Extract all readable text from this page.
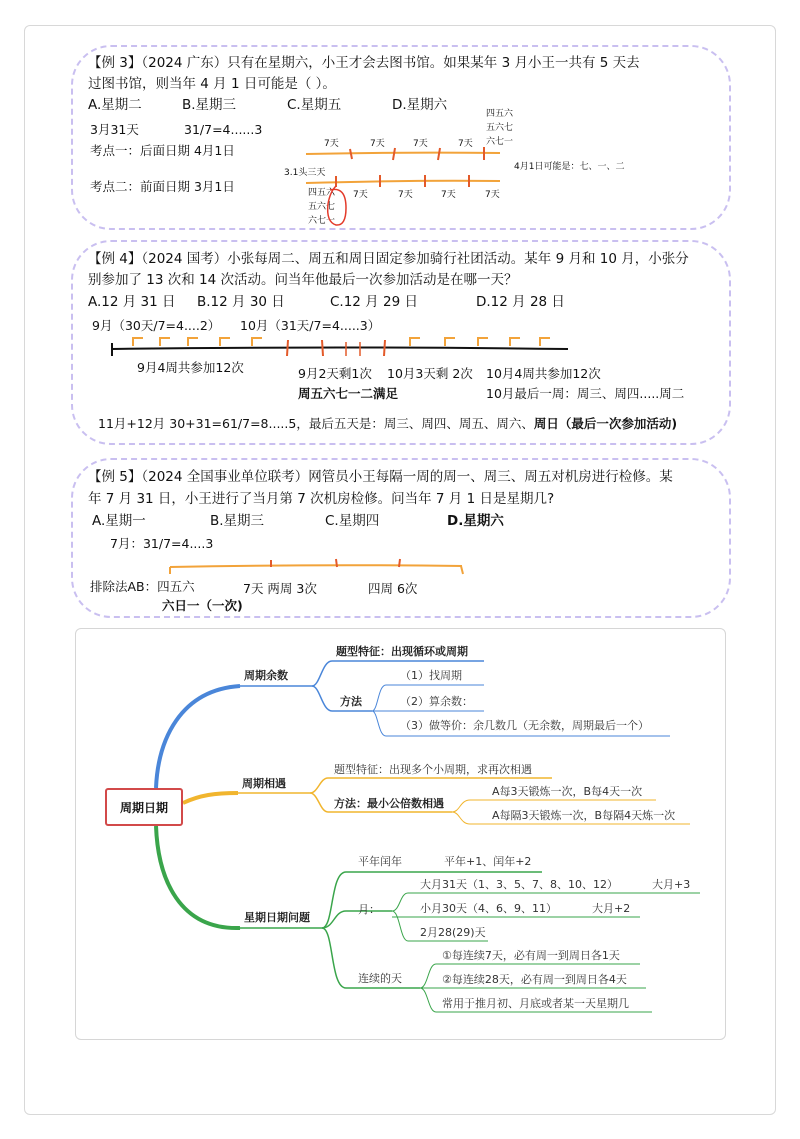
【例 3】（2024 广东）只有在星期六，小王才会去图书馆。如果某年 3 月小王一共有 5 天去
过图书馆，则当年 4 月 1 日可能是（ ）。
A.星期二	B.星期三	C.星期五	D.星期六
3月31天	31/7=4......3
考点一：后面日期 4月1日
考点二：前面日期 3月1日
7天	7天	7天	7天
四五六
五六七
六七一
4月1日可能是：七、一、二
3.1头三天
7天	7天	7天	7天
四五六
五六七
六七一
【例 4】（2024 国考）小张每周二、周五和周日固定参加骑行社团活动。某年 9 月和 10 月，小张分
别参加了 13 次和 14 次活动。问当年他最后一次参加活动是在哪一天？
A.12 月 31 日 B.12 月 30 日	C.12 月 29 日	D.12 月 28 日
9月（30天/7=4....2） 10月（31天/7=4.....3）
9月4周共参加12次	9月2天剩1次 10月3天剩 2次 10月4周共参加12次
周五六七一二满足	10月最后一周：周三、周四.....周二
11月+12月 30+31=61/7=8.....5，最后五天是：周三、周四、周五、周六、周日（最后一次参加活动)
【例 5】（2024 全国事业单位联考）网管员小王每隔一周的周一、周三、周五对机房进行检修。某
年 7 月 31 日，小王进行了当月第 7 次机房检修。问当年 7 月 1 日是星期几?
A.星期一	B.星期三	C.星期四	D.星期六
7月：31/7=4....3
排除法AB：四五六	7天 两周 3次	四周 6次
六日一（一次)
周期日期
周期余数
题型特征：出现循环或周期
方法
（1）找周期
（2）算余数：
（3）做等价：余几数几（无余数，周期最后一个）
周期相遇
题型特征：出现多个小周期，求再次相遇
方法：最小公倍数相遇
A每3天锻炼一次，B每4天一次
A每隔3天锻炼一次，B每隔4天炼一次
星期日期问题
平年闰年	平年+1、闰年+2
月：
大月31天（1、3、5、7、8、10、12）	大月+3
小月30天（4、6、9、11）	大月+2
2月28(29)天
连续的天
①每连续7天，必有周一到周日各1天
②每连续28天，必有周一到周日各4天
常用于推月初、月底或者某一天星期几
